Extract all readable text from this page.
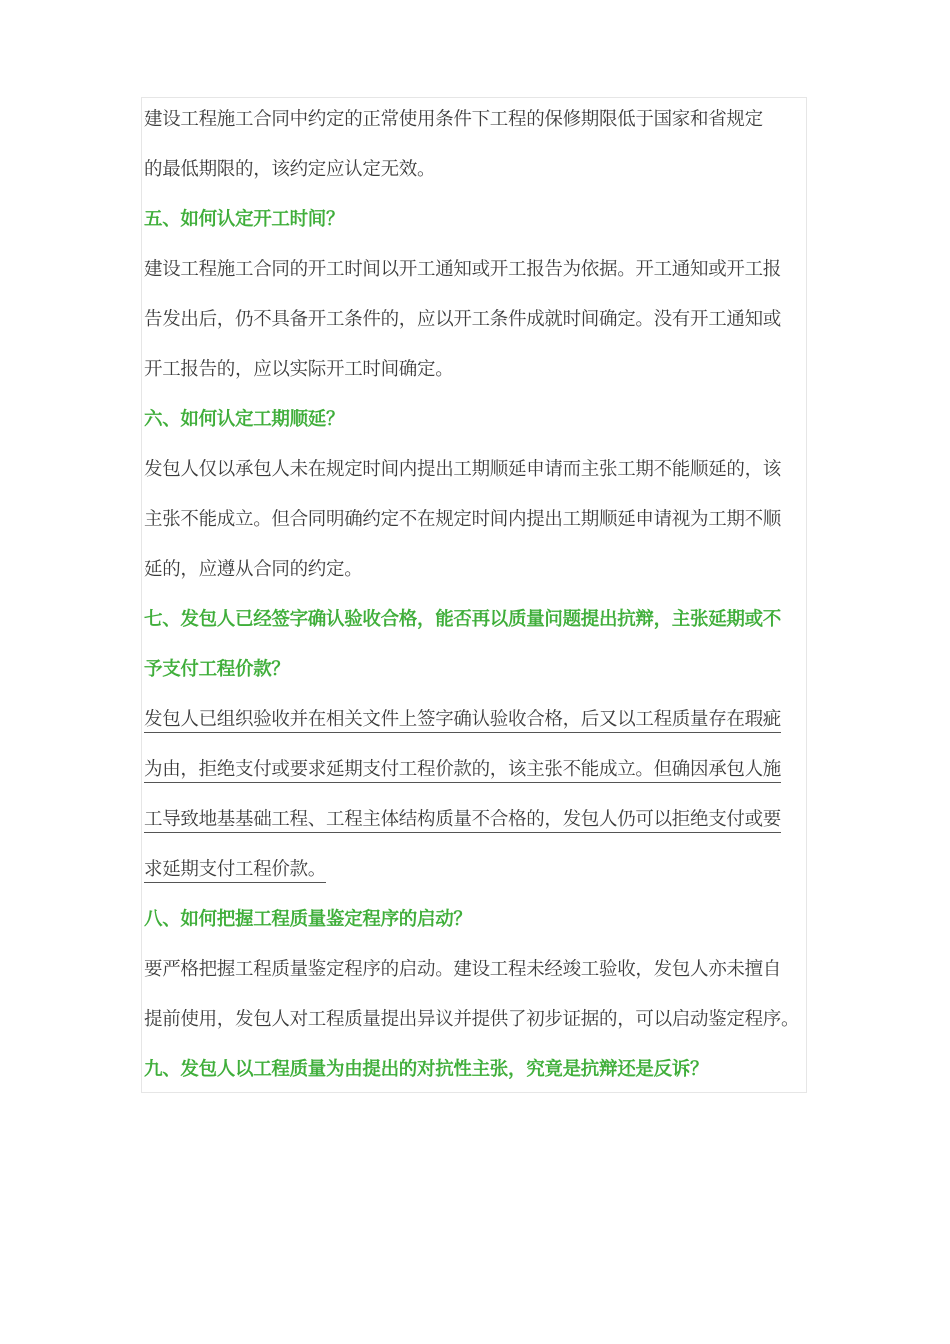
建设工程施工合同中约定的正常使用条件下工程的保修期限低于国家和省规定
的最低期限的，该约定应认定无效。
五、如何认定开工时间？
建设工程施工合同的开工时间以开工通知或开工报告为依据。开工通知或开工报
告发出后，仍不具备开工条件的，应以开工条件成就时间确定。没有开工通知或
开工报告的，应以实际开工时间确定。
六、如何认定工期顺延？
发包人仅以承包人未在规定时间内提出工期顺延申请而主张工期不能顺延的，该
主张不能成立。但合同明确约定不在规定时间内提出工期顺延申请视为工期不顺
延的，应遵从合同的约定。
七、发包人已经签字确认验收合格，能否再以质量问题提出抗辩，主张延期或不
予支付工程价款？
发包人已组织验收并在相关文件上签字确认验收合格，后又以工程质量存在瑕疵
为由，拒绝支付或要求延期支付工程价款的，该主张不能成立。但确因承包人施
工导致地基基础工程、工程主体结构质量不合格的，发包人仍可以拒绝支付或要
求延期支付工程价款。
八、如何把握工程质量鉴定程序的启动？
要严格把握工程质量鉴定程序的启动。建设工程未经竣工验收，发包人亦未擅自
提前使用，发包人对工程质量提出异议并提供了初步证据的，可以启动鉴定程序。
九、发包人以工程质量为由提出的对抗性主张，究竟是抗辩还是反诉？
